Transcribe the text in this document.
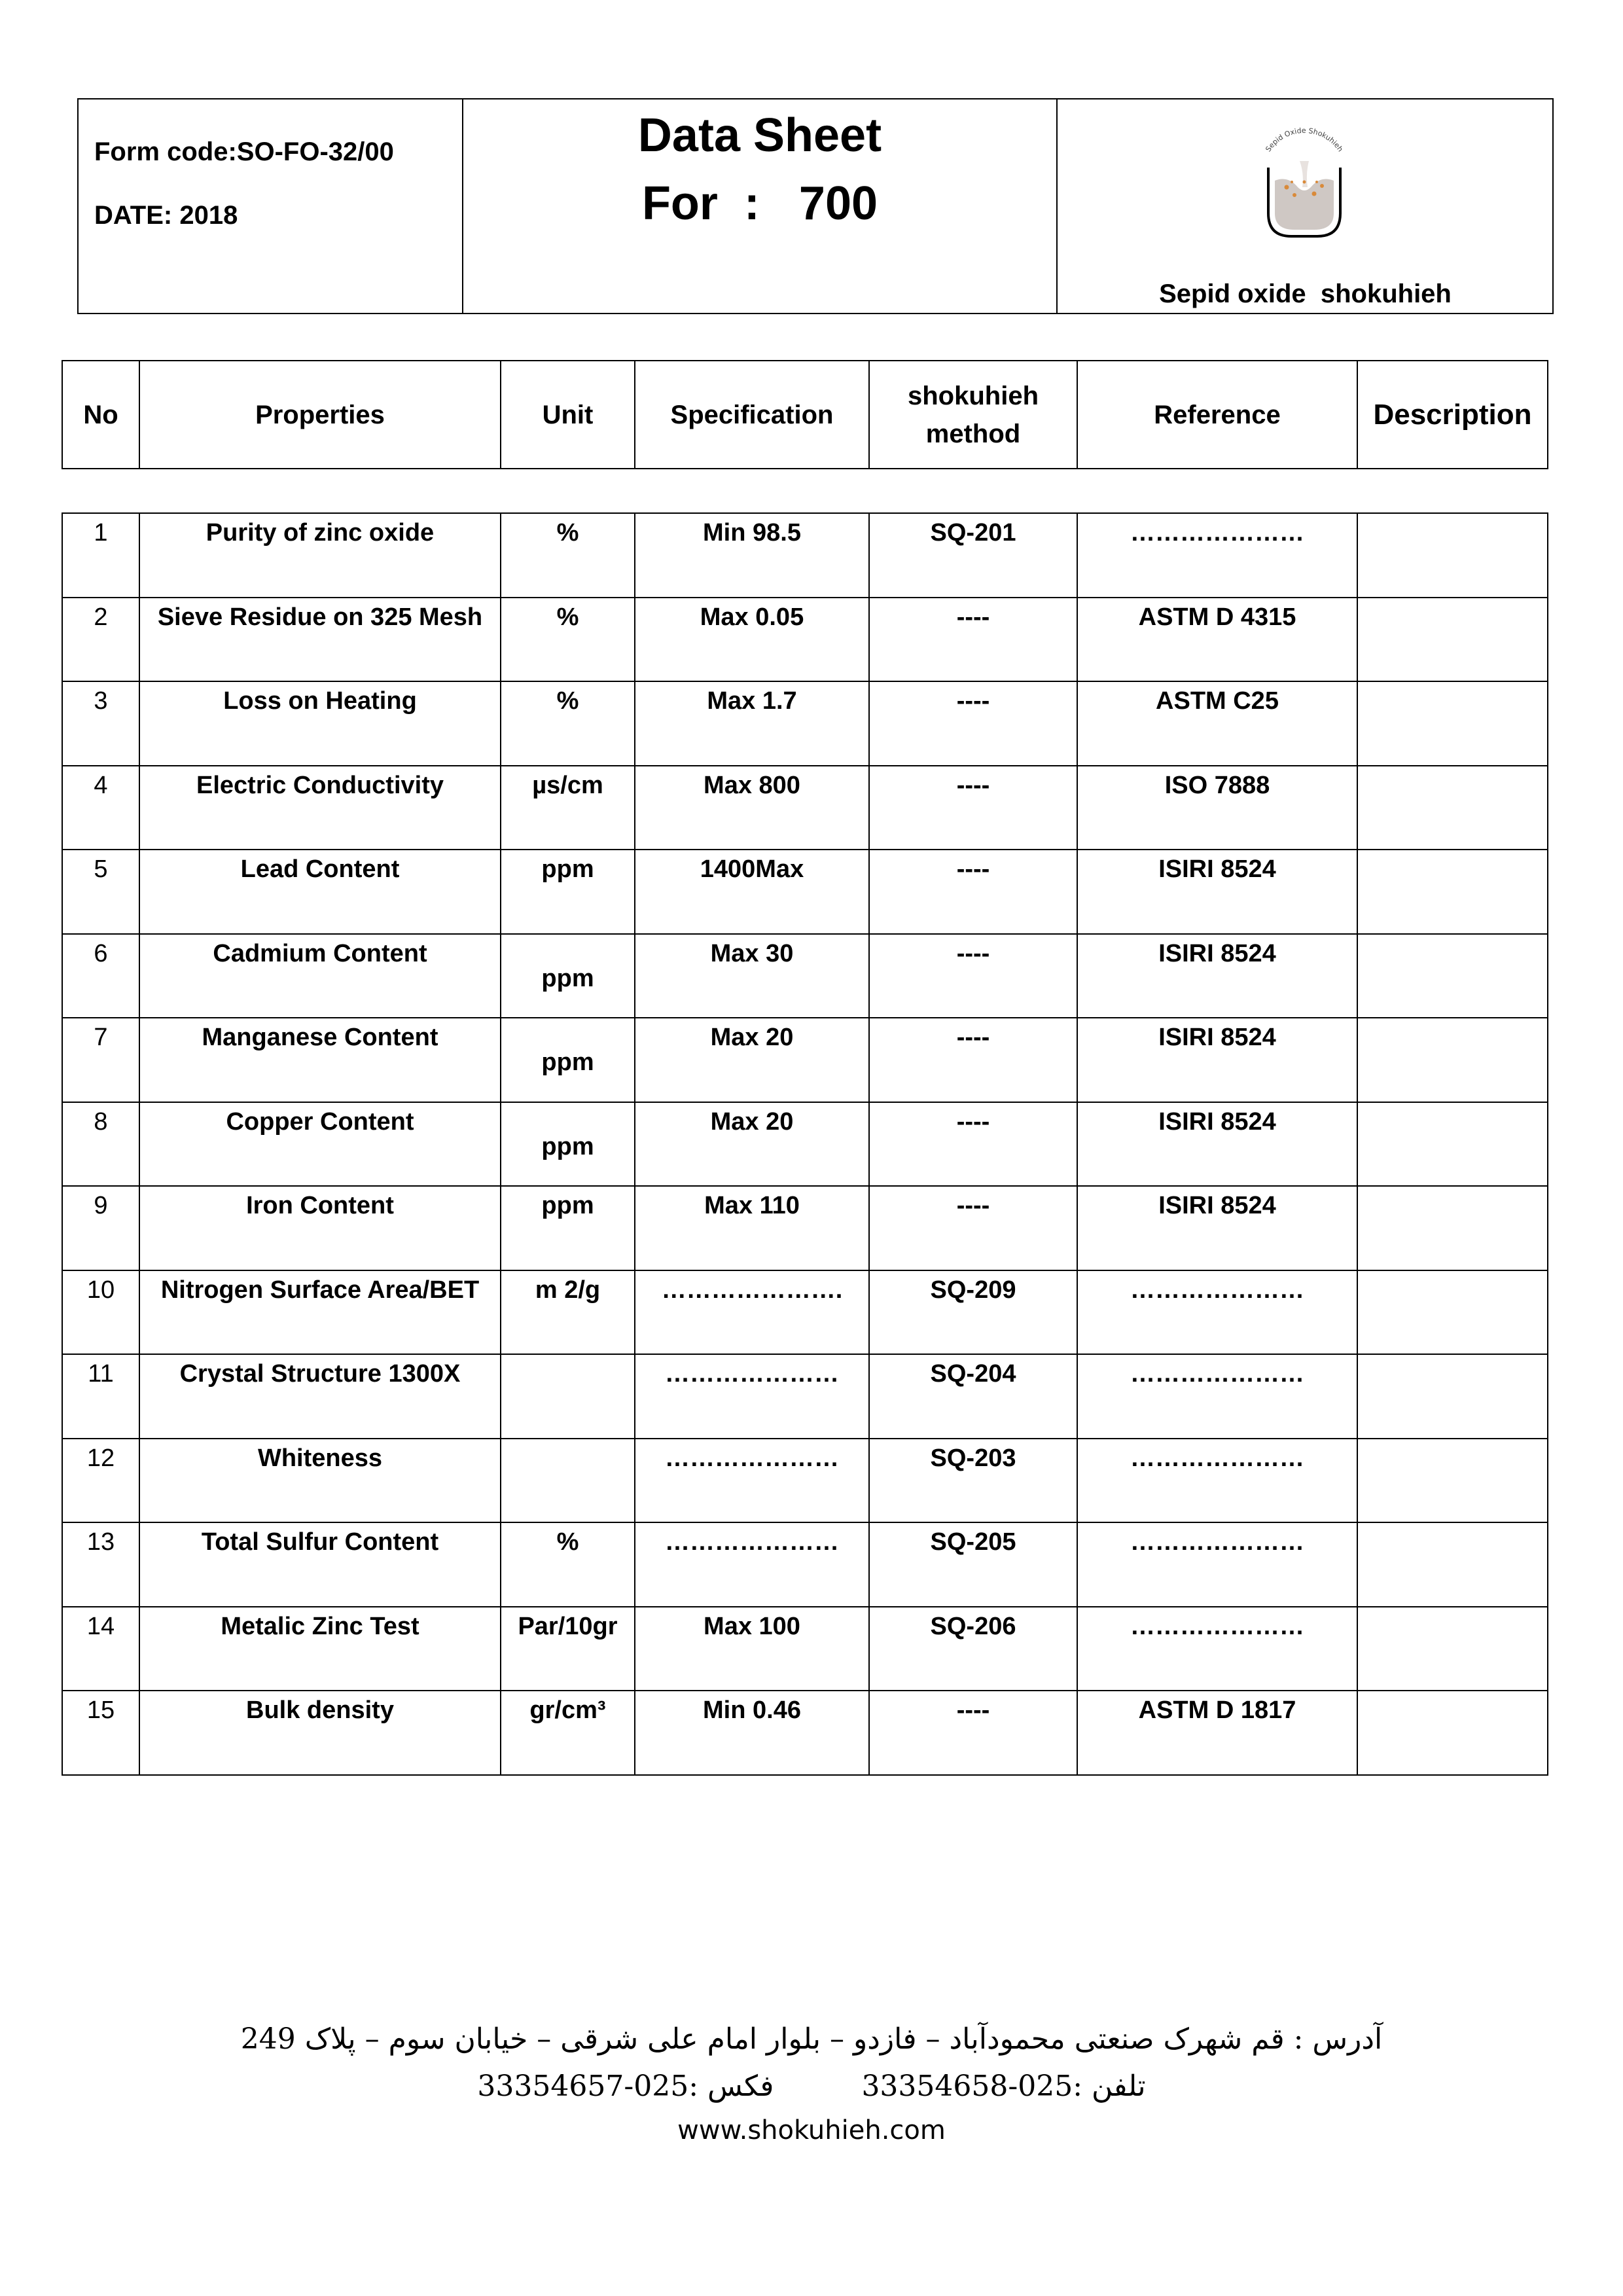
Form code:SO-FO-32/00
DATE: 2018
Data Sheet
For  :   700
Sepid Oxide Shokuhieh
Sepid oxide  shokuhieh
No	Properties	Unit	Specification	shokuhieh method	Reference	Description
1	Purity of zinc oxide	%	Min 98.5	SQ-201	…………………	
2	Sieve Residue on 325 Mesh	%	Max 0.05	----	ASTM D 4315	
3	Loss on Heating	%	Max 1.7	----	ASTM C25	
4	Electric Conductivity	µs/cm	Max 800	----	ISO 7888	
5	Lead Content	ppm	1400Max	----	ISIRI 8524	
6	Cadmium Content	ppm	Max 30	----	ISIRI 8524	
7	Manganese Content	ppm	Max 20	----	ISIRI 8524	
8	Copper Content	ppm	Max 20	----	ISIRI 8524	
9	Iron Content	ppm	Max 110	----	ISIRI 8524	
10	Nitrogen Surface Area/BET	m 2/g	………………….	SQ-209	…………………	
11	Crystal Structure 1300X		…………………	SQ-204	…………………	
12	Whiteness		…………………	SQ-203	…………………	
13	Total Sulfur Content	%	…………………	SQ-205	…………………	
14	Metalic Zinc Test	Par/10gr	Max 100	SQ-206	…………………	
15	Bulk density	gr/cm³	Min 0.46	----	ASTM D 1817	
آدرس : قم شهرک صنعتی محمودآباد – فازدو – بلوار امام علی شرقی – خیابان سوم – پلاک 249
فکس :025-33354657	تلفن :025-33354658
www.shokuhieh.com
